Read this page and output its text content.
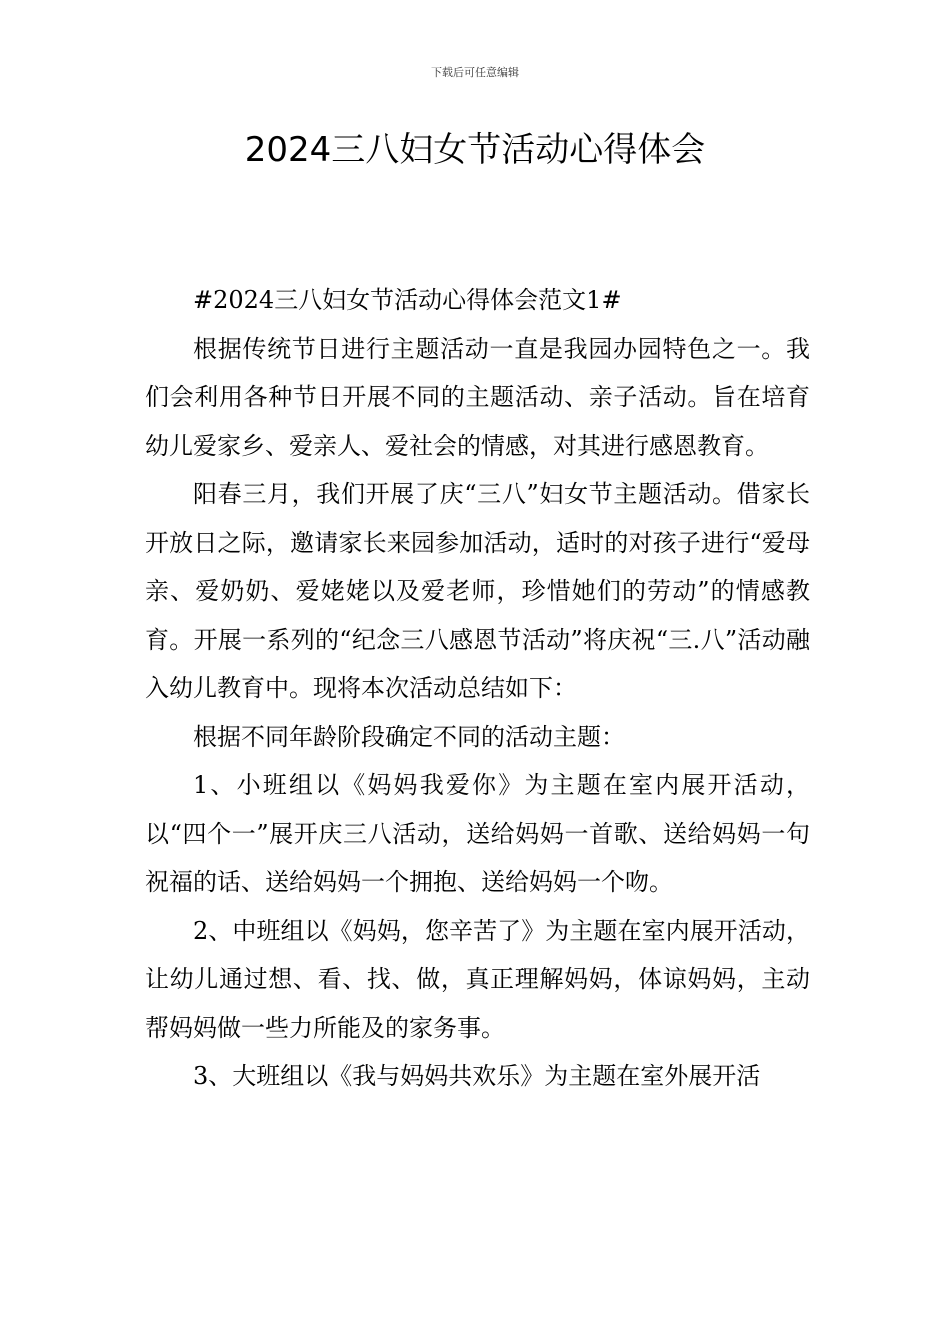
下载后可任意编辑
2024三八妇女节活动心得体会

#2024三八妇女节活动心得体会范文1#

根据传统节日进行主题活动一直是我园办园特色之一。我们会利用各种节日开展不同的主题活动、亲子活动。旨在培育幼儿爱家乡、爱亲人、爱社会的情感，对其进行感恩教育。

阳春三月，我们开展了庆“三八”妇女节主题活动。借家长开放日之际，邀请家长来园参加活动，适时的对孩子进行“爱母亲、爱奶奶、爱姥姥以及爱老师，珍惜她们的劳动”的情感教育。开展一系列的“纪念三八感恩节活动”将庆祝“三.八”活动融入幼儿教育中。现将本次活动总结如下：

根据不同年龄阶段确定不同的活动主题：

1、小班组以《妈妈我爱你》为主题在室内展开活动，以“四个一”展开庆三八活动，送给妈妈一首歌、送给妈妈一句祝福的话、送给妈妈一个拥抱、送给妈妈一个吻。

2、中班组以《妈妈，您辛苦了》为主题在室内展开活动，让幼儿通过想、看、找、做，真正理解妈妈，体谅妈妈，主动帮妈妈做一些力所能及的家务事。

3、大班组以《我与妈妈共欢乐》为主题在室外展开活
